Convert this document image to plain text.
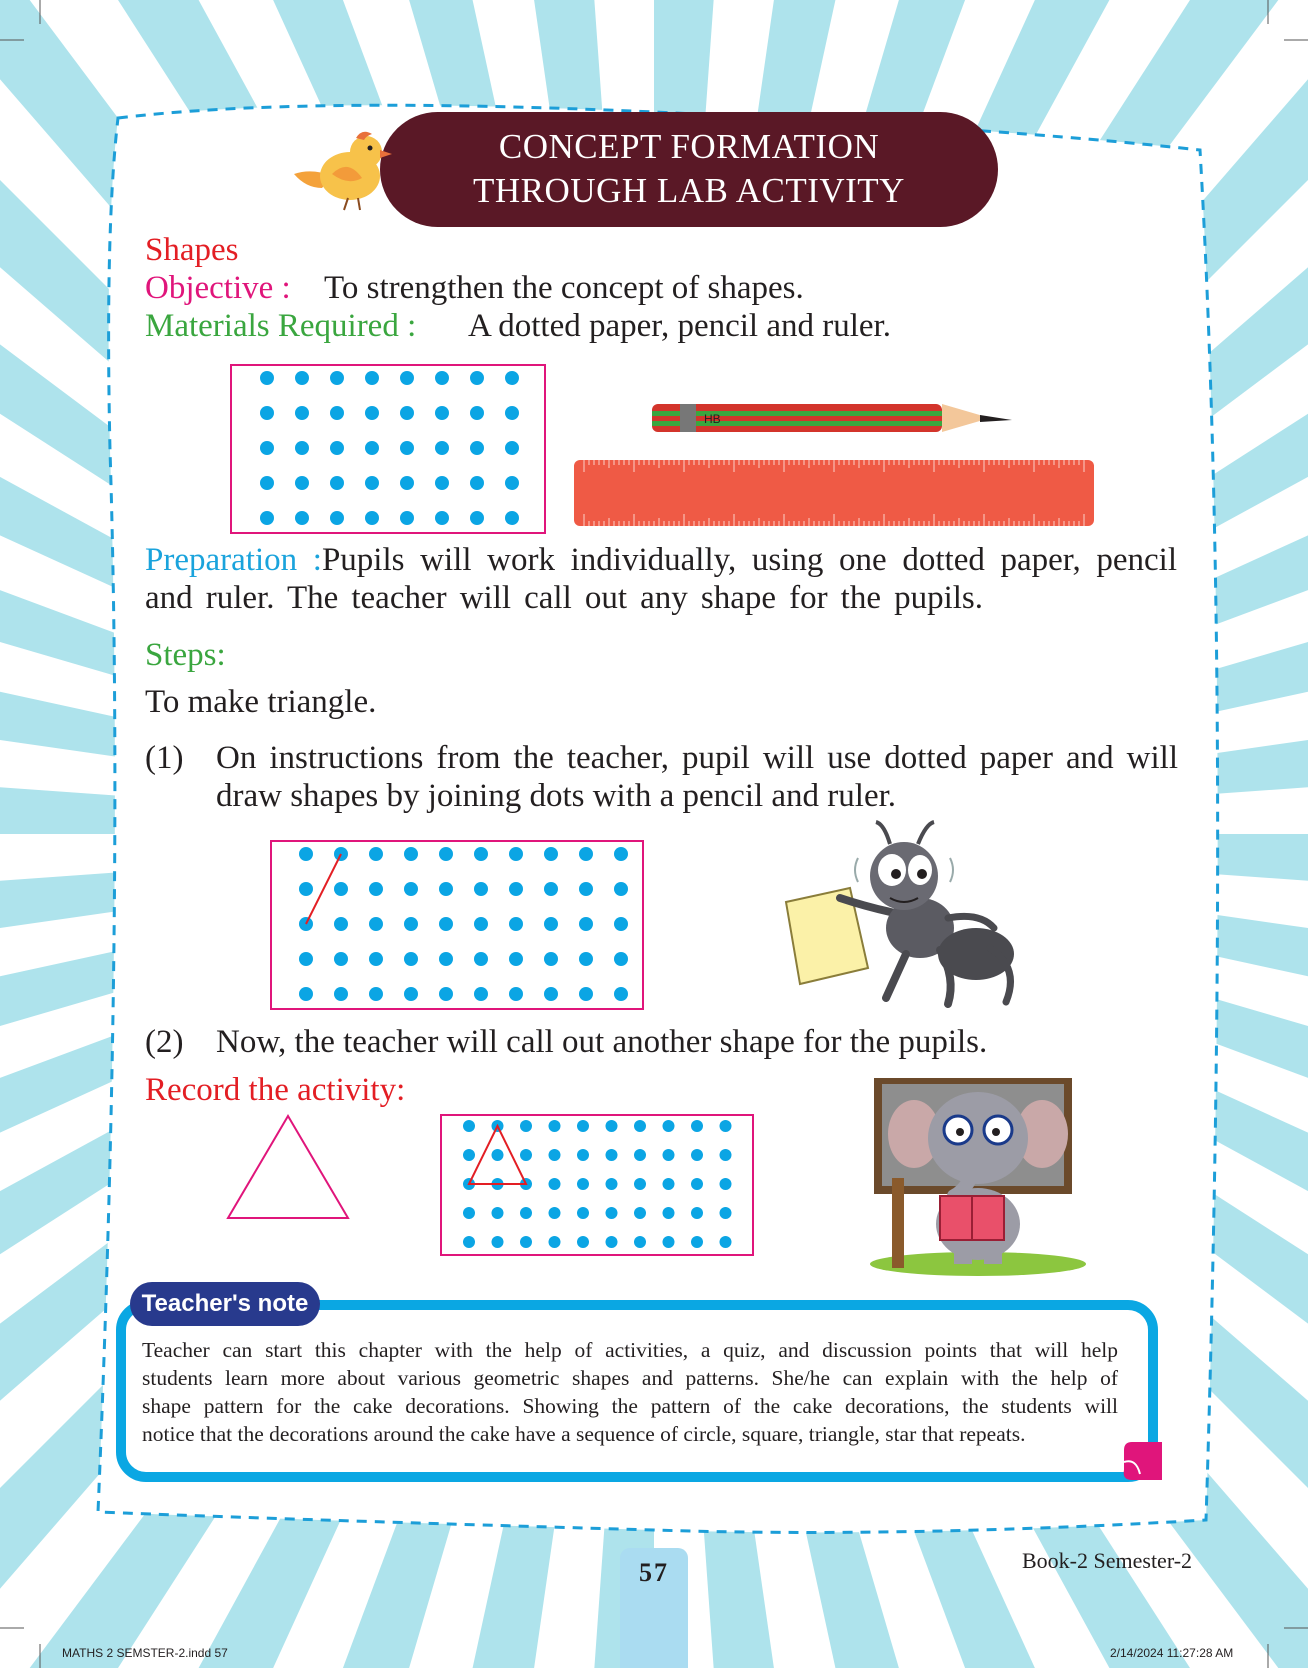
CONCEPT FORMATION
THROUGH LAB ACTIVITY
Shapes
Objective : To strengthen the concept of shapes.
Materials Required : A dotted paper, pencil and ruler.
HB
Preparation :Pupils will work individually, using one dotted paper, pencil
and ruler. The teacher will call out any shape for the pupils.
Steps:
To make triangle.
(1) On instructions from the teacher, pupil will use dotted paper and will
draw shapes by joining dots with a pencil and ruler.
(2) Now, the teacher will call out another shape for the pupils.
Record the activity:
Teacher's note
Teacher can start this chapter with the help of activities, a quiz, and discussion points that will help
students learn more about various geometric shapes and patterns. She/he can explain with the help of
shape pattern for the cake decorations. Showing the pattern of the cake decorations, the students will
notice that the decorations around the cake have a sequence of circle, square, triangle, star that repeats.
57	Book-2 Semester-2
MATHS 2 SEMSTER-2.indd 57	2/14/2024 11:27:28 AM
